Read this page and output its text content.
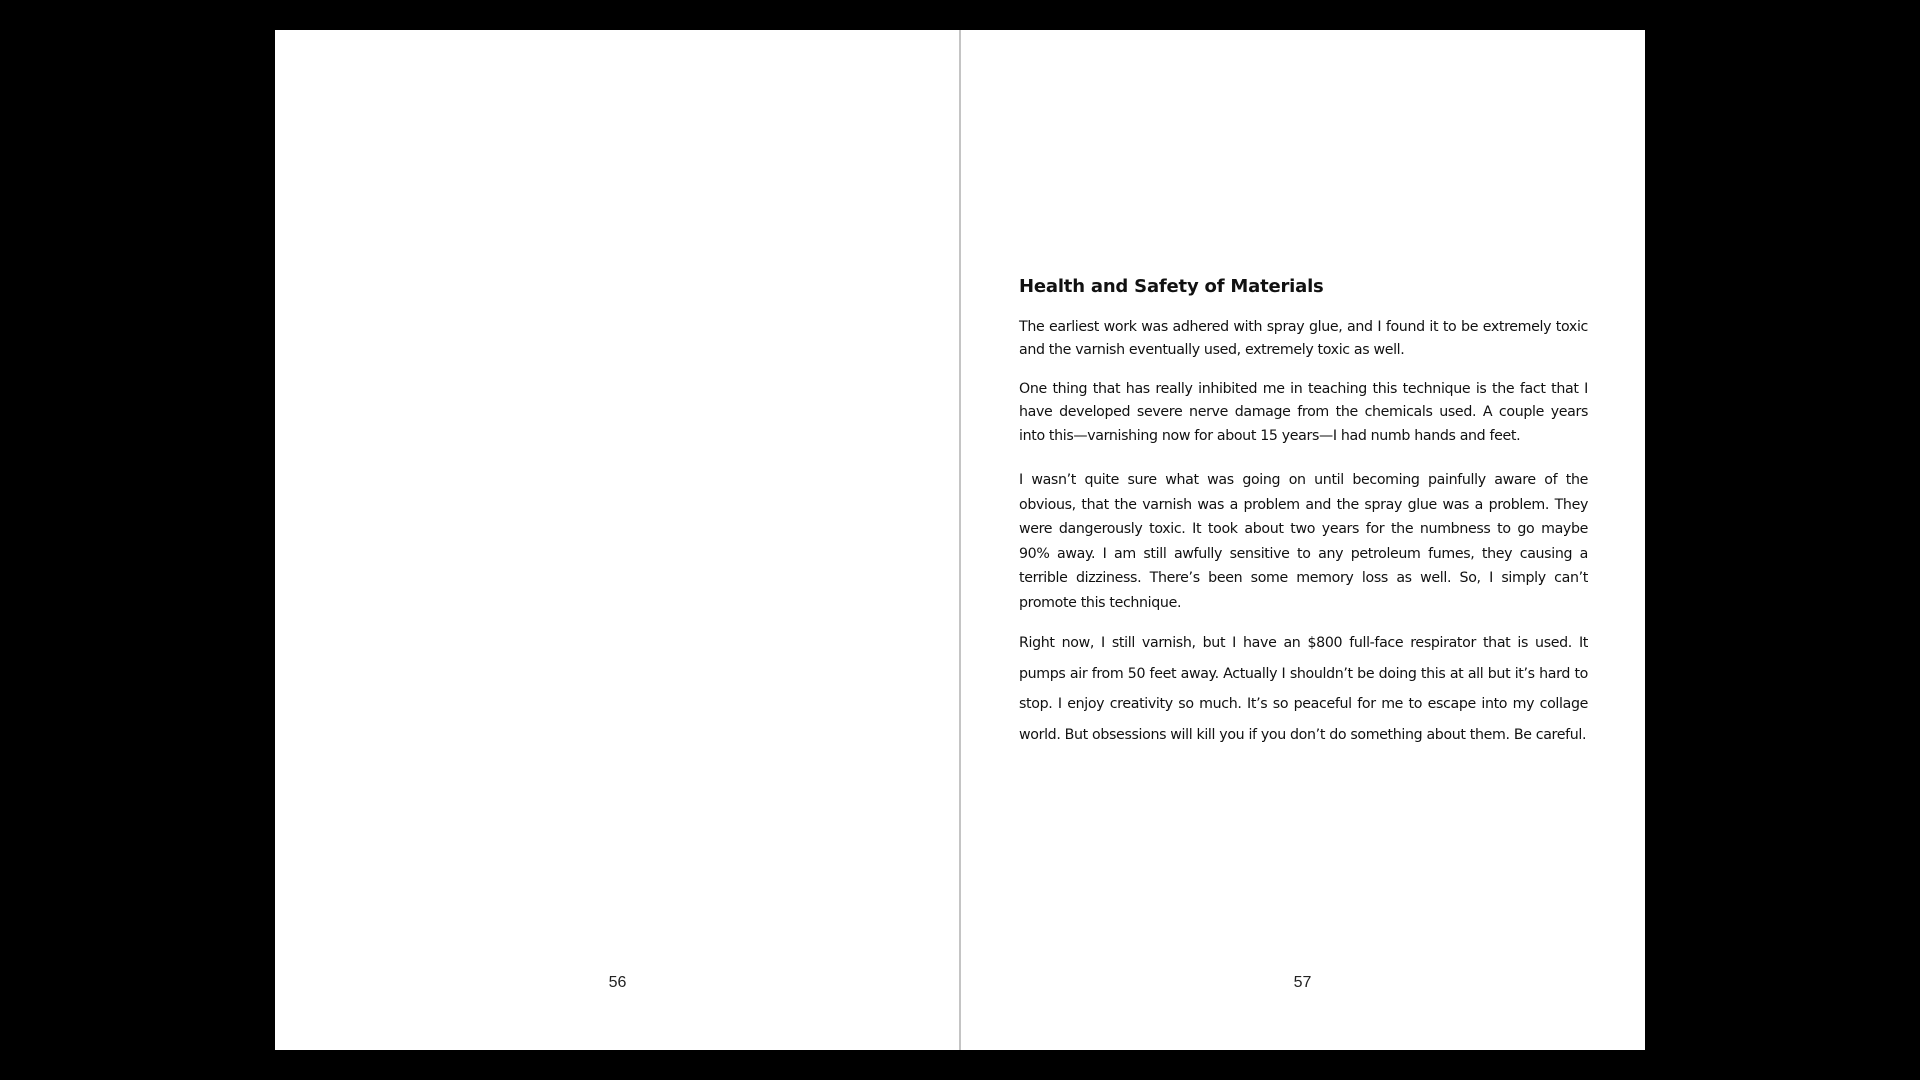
56
Health and Safety of Materials

The earliest work was adhered with spray glue, and I found it to be extremely toxic and the varnish eventually used, extremely toxic as well.

One thing that has really inhibited me in teaching this technique is the fact that I have developed severe nerve damage from the chemicals used. A couple years into this—varnishing now for about 15 years—I had numb hands and feet.

I wasn’t quite sure what was going on until becoming painfully aware of the obvious, that the varnish was a problem and the spray glue was a problem. They were dangerously toxic. It took about two years for the numbness to go maybe 90% away. I am still awfully sensitive to any petroleum fumes, they causing a terrible dizziness. There’s been some memory loss as well. So, I simply can’t promote this technique.

Right now, I still varnish, but I have an $800 full-face respirator that is used. It pumps air from 50 feet away. Actually I shouldn’t be doing this at all but it’s hard to stop. I enjoy creativity so much. It’s so peaceful for me to escape into my collage world. But obsessions will kill you if you don’t do something about them. Be careful.

57
